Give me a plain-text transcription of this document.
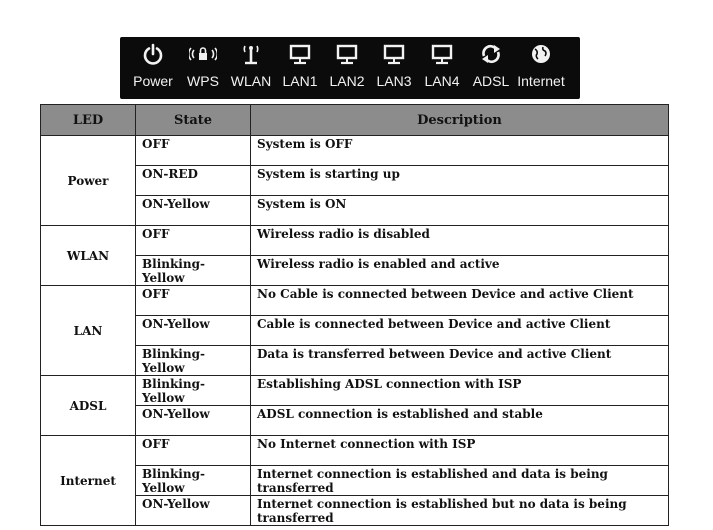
Power WPS WLAN LAN1 LAN2 LAN3 LAN4 ADSL Internet
LED	State	Description
Power	OFF	System is OFF
	ON-RED	System is starting up
	ON-Yellow	System is ON
WLAN	OFF	Wireless radio is disabled
	Blinking-Yellow	Wireless radio is enabled and active
LAN	OFF	No Cable is connected between Device and active Client
	ON-Yellow	Cable is connected between Device and active Client
	Blinking-Yellow	Data is transferred between Device and active Client
ADSL	Blinking-Yellow	Establishing ADSL connection with ISP
	ON-Yellow	ADSL connection is established and stable
Internet	OFF	No Internet connection with ISP
	Blinking-Yellow	Internet connection is established and data is being transferred
	ON-Yellow	Internet connection is established but no data is being transferred
